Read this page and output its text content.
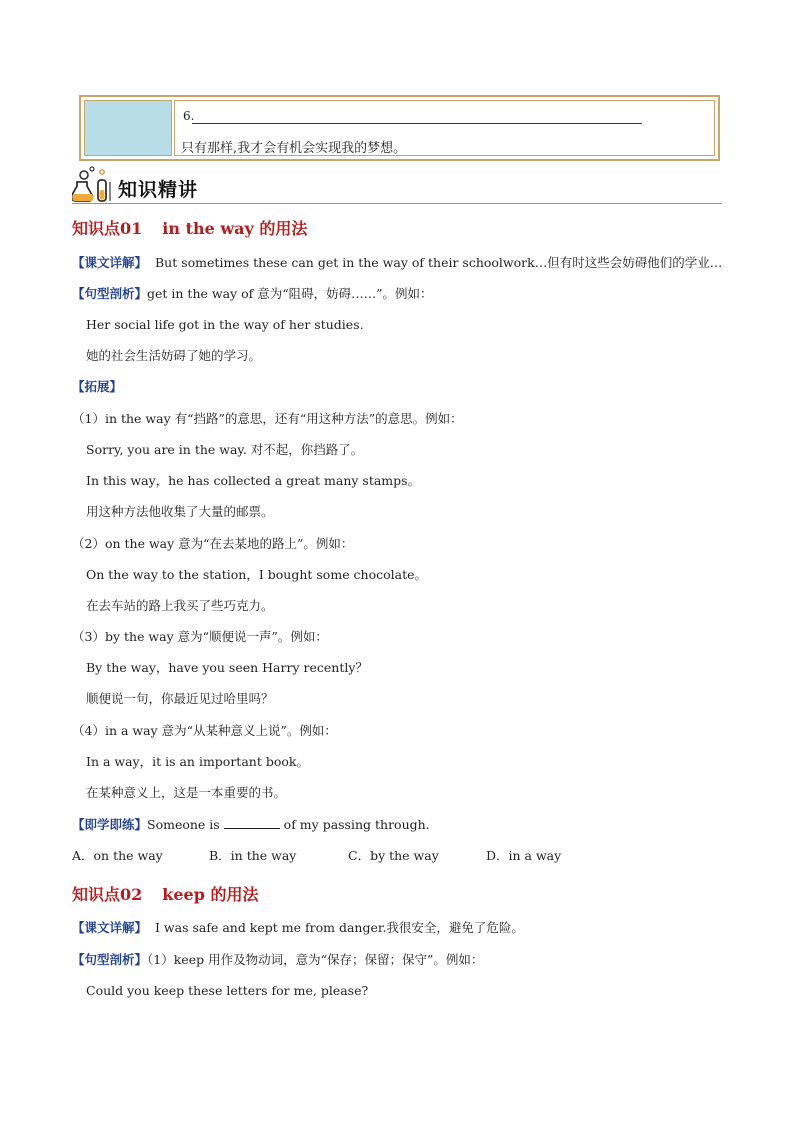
6.
只有那样,我才会有机会实现我的梦想。
知识精讲
知识点01 in the way 的用法
【课文详解】 But sometimes these can get in the way of their schoolwork…但有时这些会妨碍他们的学业…
【句型剖析】get in the way of 意为“阻碍，妨碍……”。例如：
Her social life got in the way of her studies.
她的社会生活妨碍了她的学习。
【拓展】
（1）in the way 有“挡路”的意思，还有“用这种方法”的意思。例如：
Sorry, you are in the way. 对不起，你挡路了。
In this way，he has collected a great many stamps。
用这种方法他收集了大量的邮票。
（2）on the way 意为“在去某地的路上”。例如：
On the way to the station，I bought some chocolate。
在去车站的路上我买了些巧克力。
（3）by the way 意为“顺便说一声”。例如：
By the way，have you seen Harry recently？
顺便说一句，你最近见过哈里吗？
（4）in a way 意为“从某种意义上说”。例如：
In a way，it is an important book。
在某种意义上，这是一本重要的书。
【即学即练】Someone is	of my passing through.
A．on the way	B．in the way	C．by the way	D．in a way
知识点02 keep 的用法
【课文详解】 I was safe and kept me from danger.我很安全，避免了危险。
【句型剖析】（1）keep 用作及物动词，意为“保存；保留；保守”。例如：
Could you keep these letters for me, please?
